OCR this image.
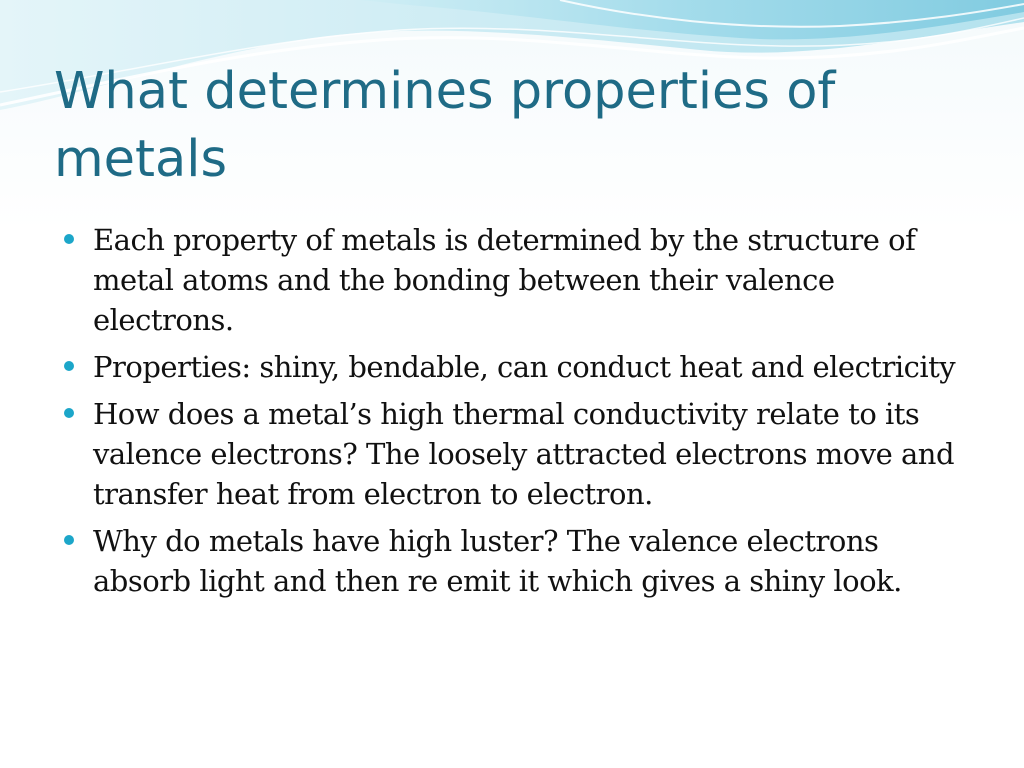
What determines properties of metals
Each property of metals is determined by the structure of metal atoms and the bonding between their valence electrons.
Properties: shiny, bendable, can conduct heat and electricity
How does a metal’s high thermal conductivity relate to its valence electrons? The loosely attracted electrons move and transfer heat from electron to electron.
Why do metals have high luster? The valence electrons absorb light and then re emit it which gives a shiny look.
